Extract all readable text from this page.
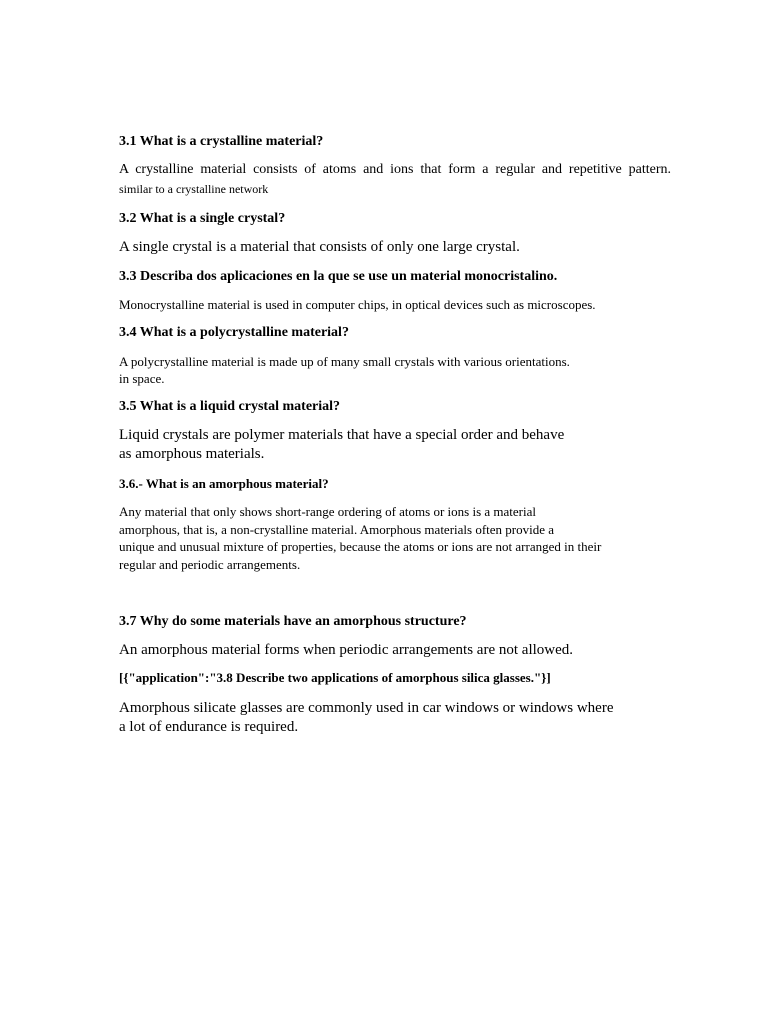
3.1 What is a crystalline material?

A crystalline material consists of atoms and ions that form a regular and repetitive pattern.

similar to a crystalline network

3.2 What is a single crystal?

A single crystal is a material that consists of only one large crystal.

3.3 Describa dos aplicaciones en la que se use un material monocristalino.

Monocrystalline material is used in computer chips, in optical devices such as microscopes.

3.4 What is a polycrystalline material?

A polycrystalline material is made up of many small crystals with various orientations.

in space.

3.5 What is a liquid crystal material?

Liquid crystals are polymer materials that have a special order and behave

as amorphous materials.

3.6.- What is an amorphous material?

Any material that only shows short-range ordering of atoms or ions is a material

amorphous, that is, a non-crystalline material. Amorphous materials often provide a

unique and unusual mixture of properties, because the atoms or ions are not arranged in their

regular and periodic arrangements.

3.7 Why do some materials have an amorphous structure?

An amorphous material forms when periodic arrangements are not allowed.

[{"application":"3.8 Describe two applications of amorphous silica glasses."}]

Amorphous silicate glasses are commonly used in car windows or windows where

a lot of endurance is required.
